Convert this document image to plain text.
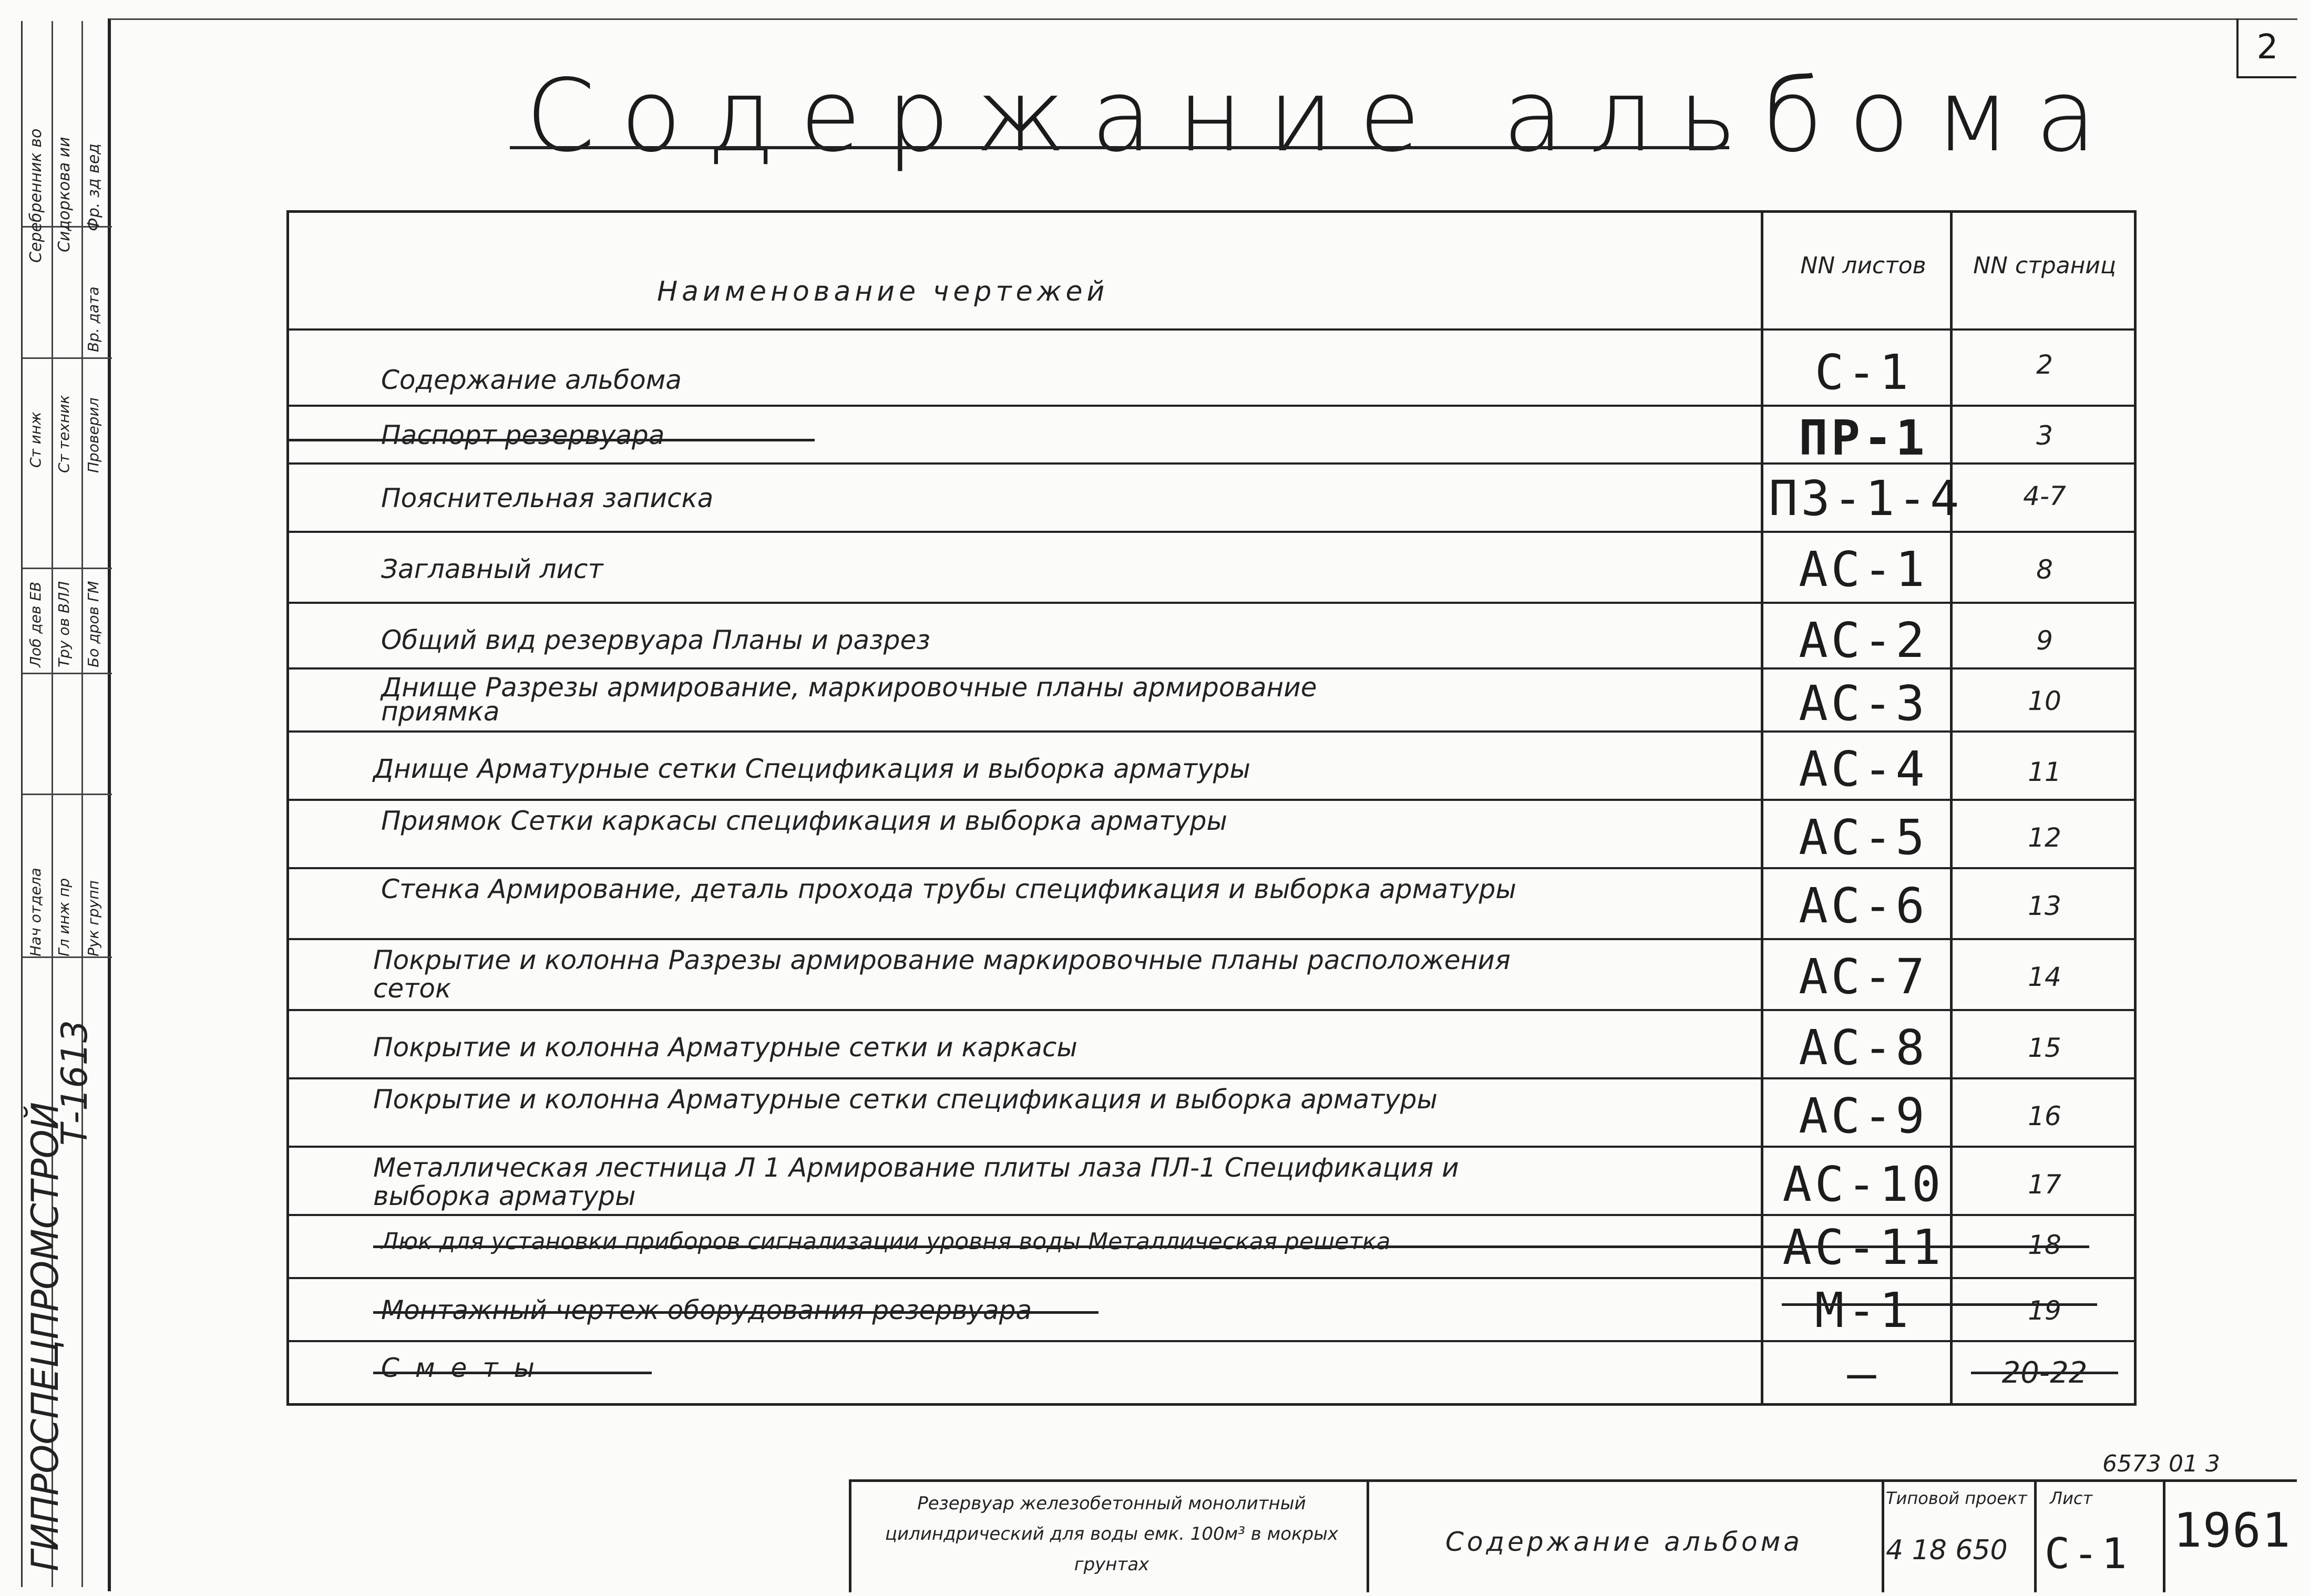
2
ГИПРОСПЕЦПРОМСТРОЙ
Т-1613
Серебренник во Сидоркова ии Фр. зд вед
Вр. дата
Ст инж Ст техник Проверил
Лоб дев ЕВ Тру ов ВЛЛ Бо дров ГМ
Нач отдела Гл инж пр Рук групп
Содержание альбома
Наименование чертежей
NN листов	NN страниц
Содержание альбома	С-1	2
Паспорт резервуара	ПР-1	3
Пояснительная записка	ПЗ-1-4	4-7
Заглавный лист	АС-1	8
Общий вид резервуара Планы и разрез	АС-2	9
Днище Разрезы армирование, маркировочные планы армирование приямка	АС-3	10
Днище Арматурные сетки Спецификация и выборка арматуры	АС-4	11
Приямок Сетки каркасы спецификация и выборка арматуры	АС-5	12
Стенка Армирование, деталь прохода трубы спецификация и выборка арматуры	АС-6	13
Покрытие и колонна Разрезы армирование маркировочные планы расположения сеток	АС-7	14
Покрытие и колонна Арматурные сетки и каркасы	АС-8	15
Покрытие и колонна Арматурные сетки спецификация и выборка арматуры	АС-9	16
Металлическая лестница Л 1 Армирование плиты лаза ПЛ-1 Спецификация и выборка арматуры	АС-10	17
Люк для установки приборов сигнализации уровня воды Металлическая решетка	АС-11	18
Монтажный чертеж оборудования резервуара	М-1	19
Сметы	—	20-22
6573 01 3
Резервуар железобетонный монолитный цилиндрический для воды емк. 100м³ в мокрых грунтах
Содержание альбома
Типовой проект
4 18 650
Лист
С-1 1961
